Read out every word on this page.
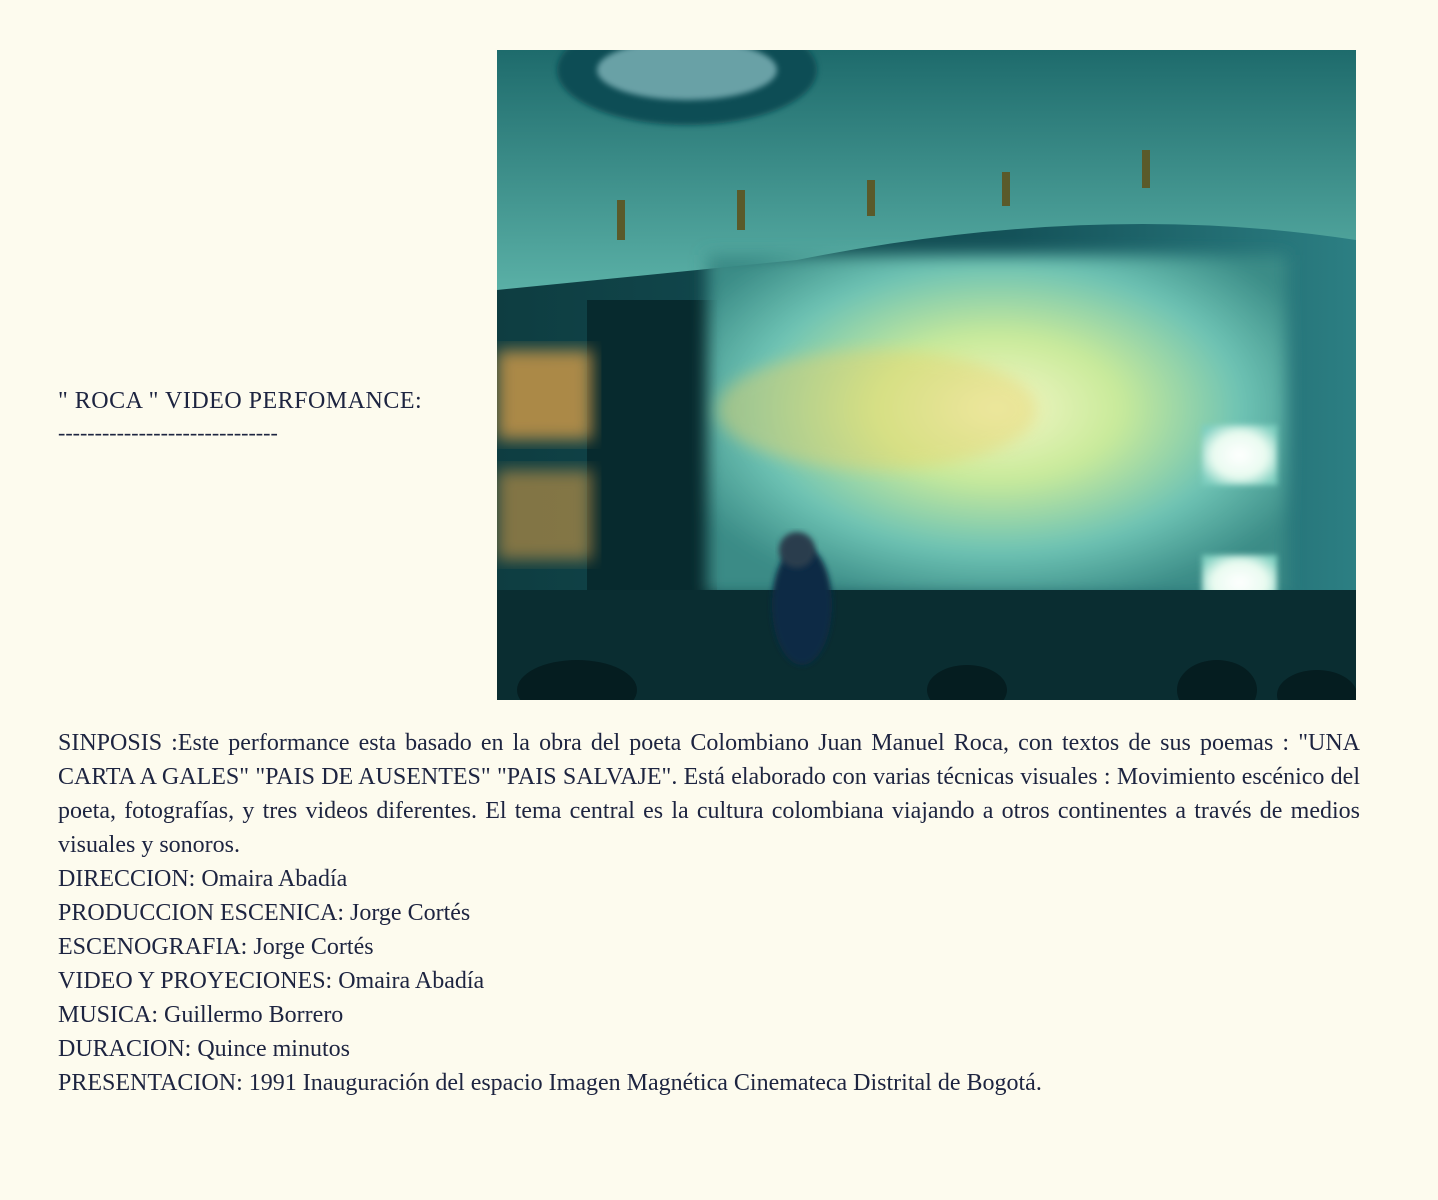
" ROCA " VIDEO PERFOMANCE:
------------------------------

SINPOSIS :Este performance esta basado en la obra del poeta Colombiano Juan Manuel Roca, con textos de sus poemas : "UNA CARTA A GALES" "PAIS DE AUSENTES" "PAIS SALVAJE". Está elaborado con varias técnicas visuales : Movimiento escénico del poeta, fotografías, y tres videos diferentes. El tema central es la cultura colombiana viajando a otros continentes a través de medios visuales y sonoros.

DIRECCION: Omaira Abadía

PRODUCCION ESCENICA: Jorge Cortés

ESCENOGRAFIA: Jorge Cortés

VIDEO Y PROYECIONES: Omaira Abadía

MUSICA: Guillermo Borrero

DURACION: Quince minutos

PRESENTACION: 1991 Inauguración del espacio Imagen Magnética Cinemateca Distrital de Bogotá.
